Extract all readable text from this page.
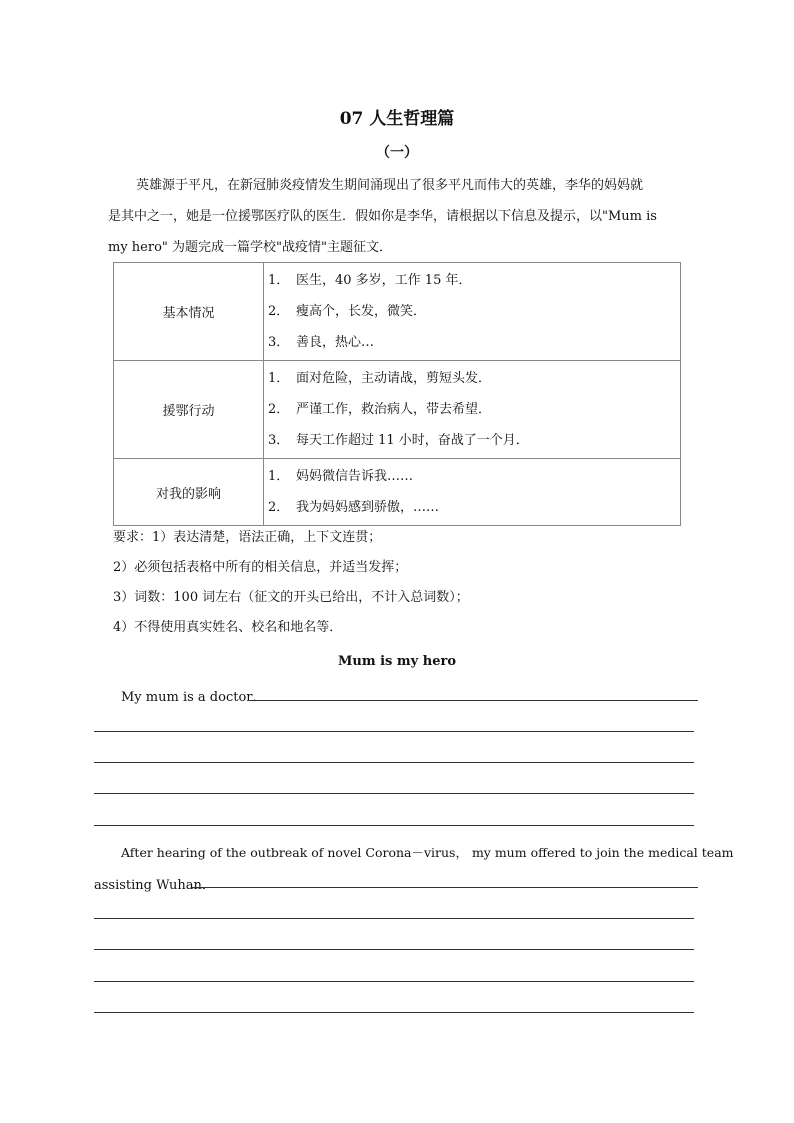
07 人生哲理篇
（一）

英雄源于平凡，在新冠肺炎疫情发生期间涌现出了很多平凡而伟大的英雄，李华的妈妈就

是其中之一，她是一位援鄂医疗队的医生．假如你是李华，请根据以下信息及提示，以"Mum is

my hero" 为题完成一篇学校"战疫情"主题征文．

基本情况	1． 医生，40 多岁，工作 15 年．
2． 瘦高个，长发，微笑．
3． 善良，热心…

援鄂行动	1． 面对危险，主动请战，剪短头发．
2． 严谨工作，救治病人，带去希望．
3． 每天工作超过 11 小时，奋战了一个月．

对我的影响	1． 妈妈微信告诉我……
2． 我为妈妈感到骄傲，……

要求：1）表达清楚，语法正确，上下文连贯；

2）必须包括表格中所有的相关信息，并适当发挥；

3）词数：100 词左右（征文的开头已给出，不计入总词数）；

4）不得使用真实姓名、校名和地名等．

Mum is my hero
My mum is a doctor．
After hearing of the outbreak of novel Corona－virus， my mum offered to join the medical team
assisting Wuhan．
